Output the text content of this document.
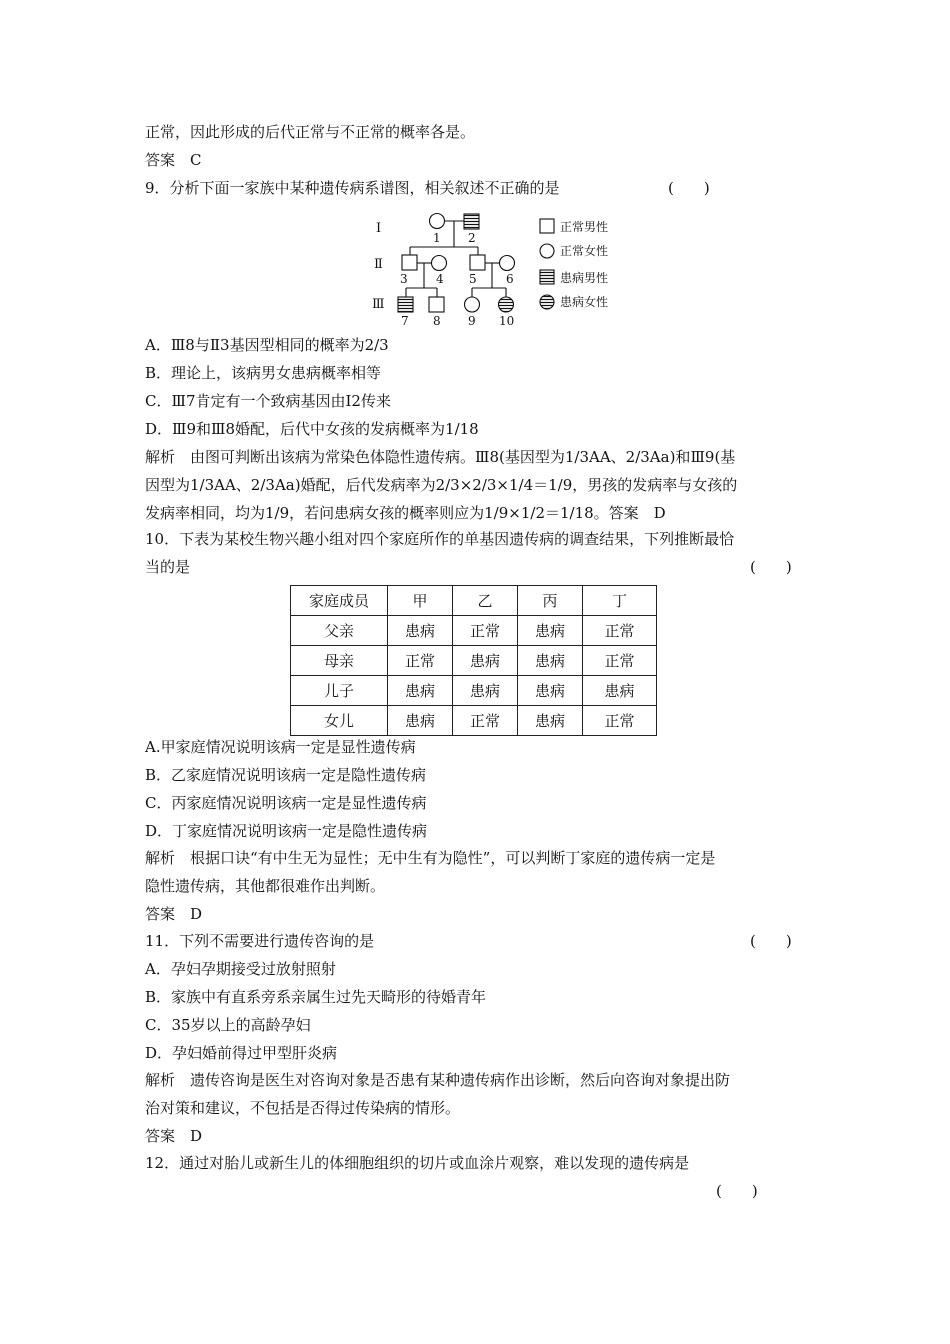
正常，因此形成的后代正常与不正常的概率各是。
答案　C
9．分析下面一家族中某种遗传病系谱图，相关叙述不正确的是	(　　)
Ⅰ
Ⅱ
Ⅲ
1 2
3 4 5 6
7 8 9 10
正常男性
正常女性
患病男性
患病女性
A．Ⅲ8与Ⅱ3基因型相同的概率为2/3
B．理论上，该病男女患病概率相等
C．Ⅲ7肯定有一个致病基因由Ⅰ2传来
D．Ⅲ9和Ⅲ8婚配，后代中女孩的发病概率为1/18
解析　由图可判断出该病为常染色体隐性遗传病。Ⅲ8(基因型为1/3AA、2/3Aa)和Ⅲ9(基
因型为1/3AA、2/3Aa)婚配，后代发病率为2/3×2/3×1/4＝1/9，男孩的发病率与女孩的
发病率相同，均为1/9，若问患病女孩的概率则应为1/9×1/2＝1/18。答案　D
10．下表为某校生物兴趣小组对四个家庭所作的单基因遗传病的调查结果，下列推断最恰
当的是	(　　)
家庭成员	甲	乙	丙	丁
父亲	患病	正常	患病	正常
母亲	正常	患病	患病	正常
儿子	患病	患病	患病	患病
女儿	患病	正常	患病	正常
A.甲家庭情况说明该病一定是显性遗传病
B．乙家庭情况说明该病一定是隐性遗传病
C．丙家庭情况说明该病一定是显性遗传病
D．丁家庭情况说明该病一定是隐性遗传病
解析　根据口诀“有中生无为显性；无中生有为隐性”，可以判断丁家庭的遗传病一定是
隐性遗传病，其他都很难作出判断。
答案　D
11．下列不需要进行遗传咨询的是	(　　)
A．孕妇孕期接受过放射照射
B．家族中有直系旁系亲属生过先天畸形的待婚青年
C．35岁以上的高龄孕妇
D．孕妇婚前得过甲型肝炎病
解析　遗传咨询是医生对咨询对象是否患有某种遗传病作出诊断，然后向咨询对象提出防
治对策和建议，不包括是否得过传染病的情形。
答案　D
12．通过对胎儿或新生儿的体细胞组织的切片或血涂片观察，难以发现的遗传病是
(　　)
